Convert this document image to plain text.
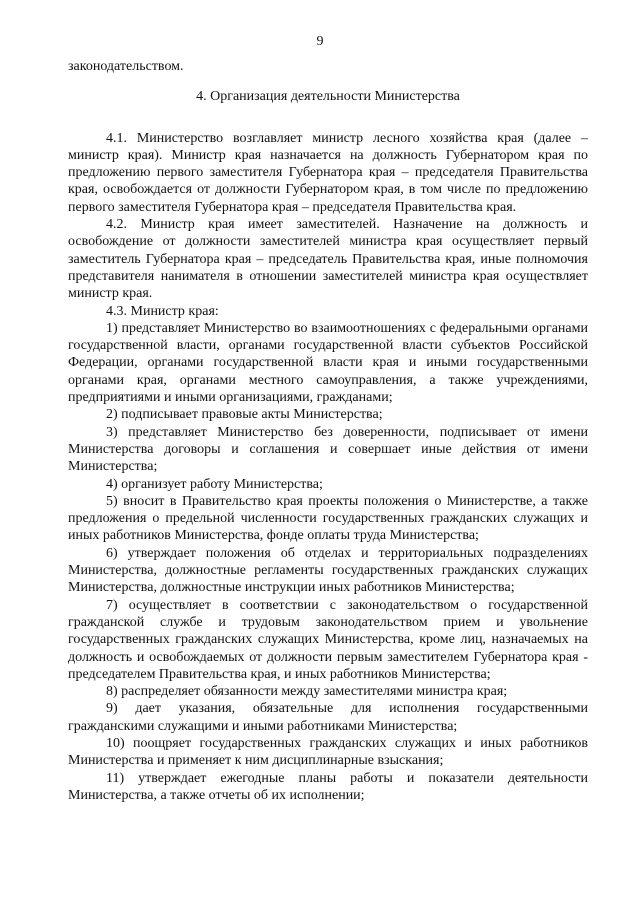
9

законодательством.

4. Организация деятельности Министерства

4.1. Министерство возглавляет министр лесного хозяйства края (далее – министр края). Министр края назначается на должность Губернатором края по предложению первого заместителя Губернатора края – председателя Правительства края, освобождается от должности Губернатором края, в том числе по предложению первого заместителя Губернатора края – председателя Правительства края.

4.2. Министр края имеет заместителей. Назначение на должность и освобождение от должности заместителей министра края осуществляет первый заместитель Губернатора края – председатель Правительства края, иные полномочия представителя нанимателя в отношении заместителей министра края осуществляет министр края.

4.3. Министр края:

1) представляет Министерство во взаимоотношениях с федеральными органами государственной власти, органами государственной власти субъектов Российской Федерации, органами государственной власти края и иными государственными органами края, органами местного самоуправления, а также учреждениями, предприятиями и иными организациями, гражданами;

2) подписывает правовые акты Министерства;

3) представляет Министерство без доверенности, подписывает от имени Министерства договоры и соглашения и совершает иные действия от имени Министерства;

4) организует работу Министерства;

5) вносит в Правительство края проекты положения о Министерстве, а также предложения о предельной численности государственных гражданских служащих и иных работников Министерства, фонде оплаты труда Министерства;

6) утверждает положения об отделах и территориальных подразделениях Министерства, должностные регламенты государственных гражданских служащих Министерства, должностные инструкции иных работников Министерства;

7) осуществляет в соответствии с законодательством о государственной гражданской службе и трудовым законодательством прием и увольнение государственных гражданских служащих Министерства, кроме лиц, назначаемых на должность и освобождаемых от должности первым заместителем Губернатора края - председателем Правительства края, и иных работников Министерства;

8) распределяет обязанности между заместителями министра края;

9) дает указания, обязательные для исполнения государственными гражданскими служащими и иными работниками Министерства;

10) поощряет государственных гражданских служащих и иных работников Министерства и применяет к ним дисциплинарные взыскания;

11) утверждает ежегодные планы работы и показатели деятельности Министерства, а также отчеты об их исполнении;
